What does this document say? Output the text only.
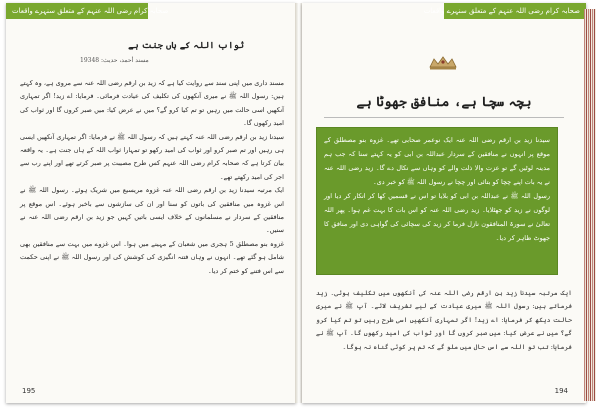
صحابہ کرام رضی اللہ عنہم کے متعلق سنہرے واقعات
ثواب اللہ کے ہاں جنت ہے
مسند أحمد، حديث: 19348

مسند داری میں اپنی سند سے روایت کیا ہے کہ زید بن ارقم رضی اللہ عنہ سے مروی ہے، وہ کہتے ہیں: رسول اللہ ﷺ نے میری آنکھوں کی تکلیف کی عیادت فرمائی۔ فرمایا: اے زید! اگر تمہاری آنکھیں اسی حالت میں رہیں تو تم کیا کرو گے؟ میں نے عرض کیا: میں صبر کروں گا اور ثواب کی امید رکھوں گا۔

سیدنا زید بن ارقم رضی اللہ عنہ کہتے ہیں کہ رسول اللہ ﷺ نے فرمایا: اگر تمہاری آنکھیں ایسی ہی رہیں اور تم صبر کرو اور ثواب کی امید رکھو تو تمہارا ثواب اللہ کے ہاں جنت ہے۔ یہ واقعہ بیان کرتا ہے کہ صحابہ کرام رضی اللہ عنہم کس طرح مصیبت پر صبر کرتے تھے اور اپنے رب سے اجر کی امید رکھتے تھے۔

ایک مرتبہ سیدنا زید بن ارقم رضی اللہ عنہ غزوہ مریسیع میں شریک ہوئے۔ رسول اللہ ﷺ نے اس غزوہ میں منافقین کی باتوں کو سنا اور ان کی سازشوں سے باخبر ہوئے۔ اس موقع پر منافقین کے سردار نے مسلمانوں کے خلاف ایسی باتیں کہیں جو زید بن ارقم رضی اللہ عنہ نے سنیں۔

غزوہ بنو مصطلق 5 ہجری میں شعبان کے مہینے میں ہوا۔ اس غزوے میں بہت سے منافقین بھی شامل ہو گئے تھے۔ انہوں نے وہاں فتنہ انگیزی کی کوشش کی اور رسول اللہ ﷺ نے اپنی حکمت سے اس فتنے کو ختم کر دیا۔

195
صحابہ کرام رضی اللہ عنہم کے متعلق سنہرے واقعات
بچہ سچا ہے، منافق جھوٹا ہے

سیدنا زید بن ارقم رضی اللہ عنہ ایک نوعمر صحابی تھے۔ غزوہ بنو مصطلق کے موقع پر انہوں نے منافقین کے سردار عبداللہ بن ابی کو یہ کہتے سنا کہ جب ہم مدینہ لوٹیں گے تو عزت والا ذلت والے کو وہاں سے نکال دے گا۔ زید رضی اللہ عنہ نے یہ بات اپنے چچا کو بتائی اور چچا نے رسول اللہ ﷺ کو خبر دی۔

رسول اللہ ﷺ نے عبداللہ بن ابی کو بلایا تو اس نے قسمیں کھا کر انکار کر دیا اور لوگوں نے زید کو جھٹلایا۔ زید رضی اللہ عنہ کو اس بات کا بہت غم ہوا۔ پھر اللہ تعالیٰ نے سورۃ المنافقون نازل فرما کر زید کی سچائی کی گواہی دی اور منافق کا جھوٹ ظاہر کر دیا۔

ایک مرتبہ سیدنا زید بن ارقم رضی اللہ عنہ کی آنکھوں میں تکلیف ہوئی۔ زید فرماتے ہیں: رسول اللہ ﷺ میری عیادت کے لیے تشریف لائے۔ آپ ﷺ نے میری حالت دیکھ کر فرمایا: اے زید! اگر تمہاری آنکھیں اسی طرح رہیں تو تم کیا کرو گے؟ میں نے عرض کیا: میں صبر کروں گا اور ثواب کی امید رکھوں گا۔ آپ ﷺ نے فرمایا: تب تو اللہ سے اس حال میں ملو گے کہ تم پر کوئی گناہ نہ ہوگا۔

194
